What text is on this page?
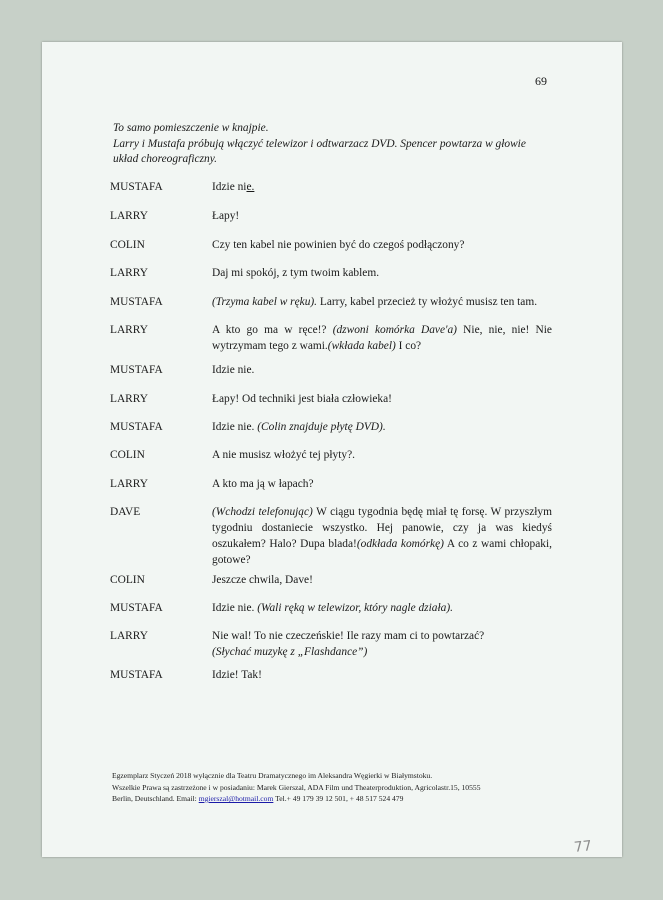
69
To samo pomieszczenie w knajpie.
Larry i Mustafa próbują włączyć telewizor i odtwarzacz DVD. Spencer powtarza w głowie układ choreograficzny.
MUSTAFA	Idzie nie.
LARRY	Łapy!
COLIN	Czy ten kabel nie powinien być do czegoś podłączony?
LARRY	Daj mi spokój, z tym twoim kablem.
MUSTAFA	(Trzyma kabel w ręku). Larry, kabel przecież ty włożyć musisz ten tam.
LARRY	A kto go ma w ręce!? (dzwoni komórka Dave'a) Nie, nie, nie! Nie wytrzymam tego z wami.(wkłada kabel) I co?
MUSTAFA	Idzie nie.
LARRY	Łapy! Od techniki jest biała człowieka!
MUSTAFA	Idzie nie. (Colin znajduje płytę DVD).
COLIN	A nie musisz włożyć tej płyty?.
LARRY	A kto ma ją w łapach?
DAVE	(Wchodzi telefonując) W ciągu tygodnia będę miał tę forsę. W przyszłym tygodniu dostaniecie wszystko. Hej panowie, czy ja was kiedyś oszukałem? Halo? Dupa blada!(odkłada komórkę) A co z wami chłopaki, gotowe?
COLIN	Jeszcze chwila, Dave!
MUSTAFA	Idzie nie. (Wali ręką w telewizor, który nagle działa).
LARRY	Nie wal! To nie czeczeńskie! Ile razy mam ci to powtarzać?
(Słychać muzykę z „Flashdance”)
MUSTAFA	Idzie! Tak!
Egzemplarz Styczeń 2018 wyłącznie dla Teatru Dramatycznego im Aleksandra Węgierki w Białymstoku.
Wszelkie Prawa są zastrzeżone i w posiadaniu: Marek Gierszal, ADA Film und Theaterproduktion, Agricolastr.15, 10555
Berlin, Deutschland. Email: mgierszal@hotmail.com Tel.+ 49 179 39 12 501, + 48 517 524 479
77
